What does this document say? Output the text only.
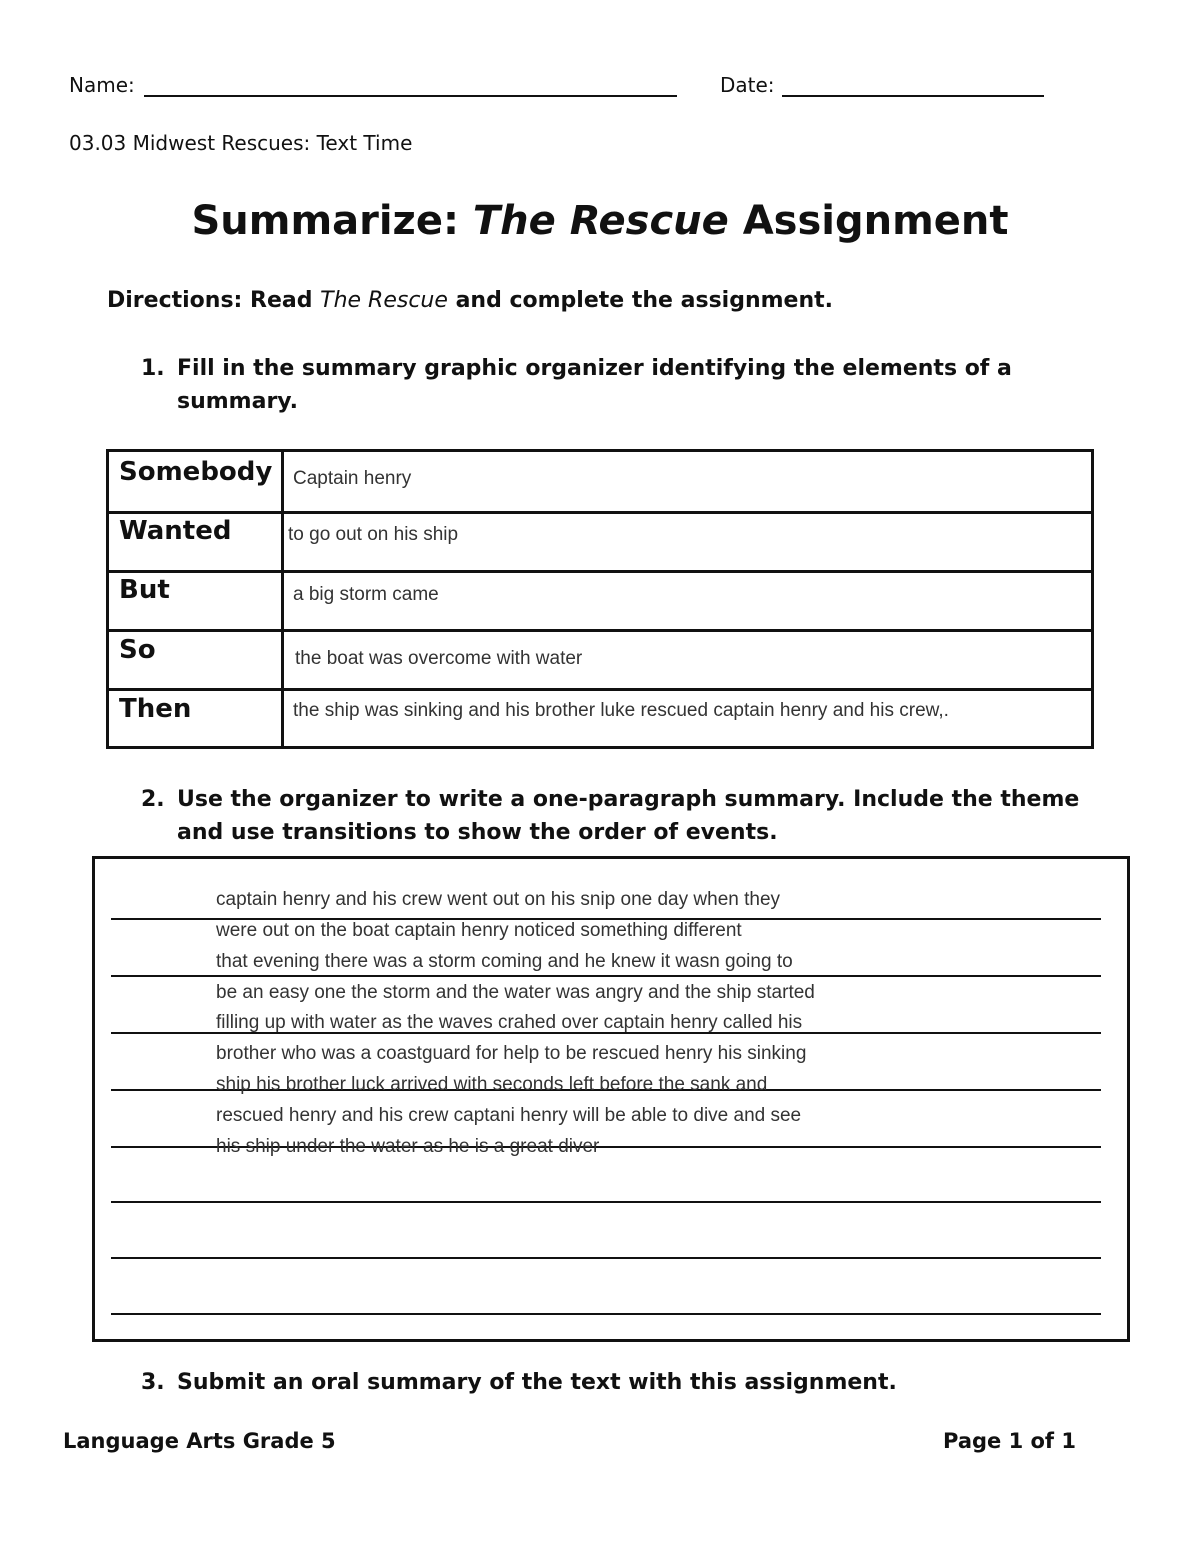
Name:	Date:
03.03 Midwest Rescues: Text Time
Summarize: The Rescue Assignment
Directions: Read The Rescue and complete the assignment.
1. Fill in the summary graphic organizer identifying the elements of a
summary.
Somebody Captain henry
Wanted	to go out on his ship
But	a big storm came
So	the boat was overcome with water
Then	the ship was sinking and his brother luke rescued captain henry and his crew,.
2. Use the organizer to write a one-paragraph summary. Include the theme
and use transitions to show the order of events.
captain henry and his crew went out on his snip one day when they
were out on the boat captain henry noticed something different
that evening there was a storm coming and he knew it wasn going to
be an easy one the storm and the water was angry and the ship started
filling up with water as the waves crahed over captain henry called his
brother who was a coastguard for help to be rescued henry his sinking
ship his brother luck arrived with seconds left before the sank and
rescued henry and his crew captani henry will be able to dive and see
his ship under the water as he is a great diver
3. Submit an oral summary of the text with this assignment.
Language Arts Grade 5	Page 1 of 1
